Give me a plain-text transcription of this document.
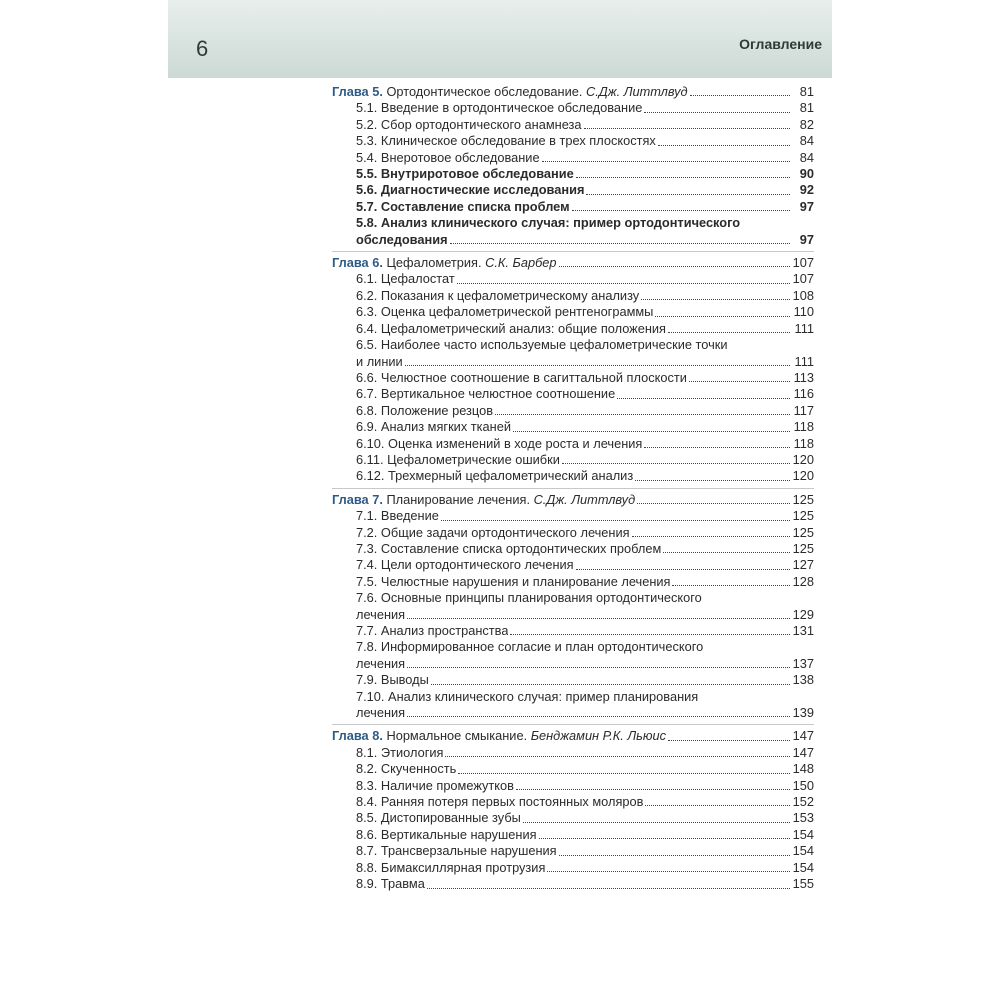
6	Оглавление
Глава 5. Ортодонтическое обследование. С.Дж. Литтлвуд	81
5.1. Введение в ортодонтическое обследование	81
5.2. Сбор ортодонтического анамнеза	82
5.3. Клиническое обследование в трех плоскостях	84
5.4. Внеротовое обследование	84
5.5. Внутриротовое обследование	90
5.6. Диагностические исследования	92
5.7. Составление списка проблем	97
5.8. Анализ клинического случая: пример ортодонтического
обследования	97
Глава 6. Цефалометрия. С.К. Барбер	107
6.1. Цефалостат	107
6.2. Показания к цефалометрическому анализу	108
6.3. Оценка цефалометрической рентгенограммы	110
6.4. Цефалометрический анализ: общие положения	111
6.5. Наиболее часто используемые цефалометрические точки
и линии	111
6.6. Челюстное соотношение в сагиттальной плоскости	113
6.7. Вертикальное челюстное соотношение	116
6.8. Положение резцов	117
6.9. Анализ мягких тканей	118
6.10. Оценка изменений в ходе роста и лечения	118
6.11. Цефалометрические ошибки	120
6.12. Трехмерный цефалометрический анализ	120
Глава 7. Планирование лечения. С.Дж. Литтлвуд	125
7.1. Введение	125
7.2. Общие задачи ортодонтического лечения	125
7.3. Составление списка ортодонтических проблем	125
7.4. Цели ортодонтического лечения	127
7.5. Челюстные нарушения и планирование лечения	128
7.6. Основные принципы планирования ортодонтического
лечения	129
7.7. Анализ пространства	131
7.8. Информированное согласие и план ортодонтического
лечения	137
7.9. Выводы	138
7.10. Анализ клинического случая: пример планирования
лечения	139
Глава 8. Нормальное смыкание. Бенджамин Р.К. Льюис	147
8.1. Этиология	147
8.2. Скученность	148
8.3. Наличие промежутков	150
8.4. Ранняя потеря первых постоянных моляров	152
8.5. Дистопированные зубы	153
8.6. Вертикальные нарушения	154
8.7. Трансверзальные нарушения	154
8.8. Бимаксиллярная протрузия	154
8.9. Травма	155
